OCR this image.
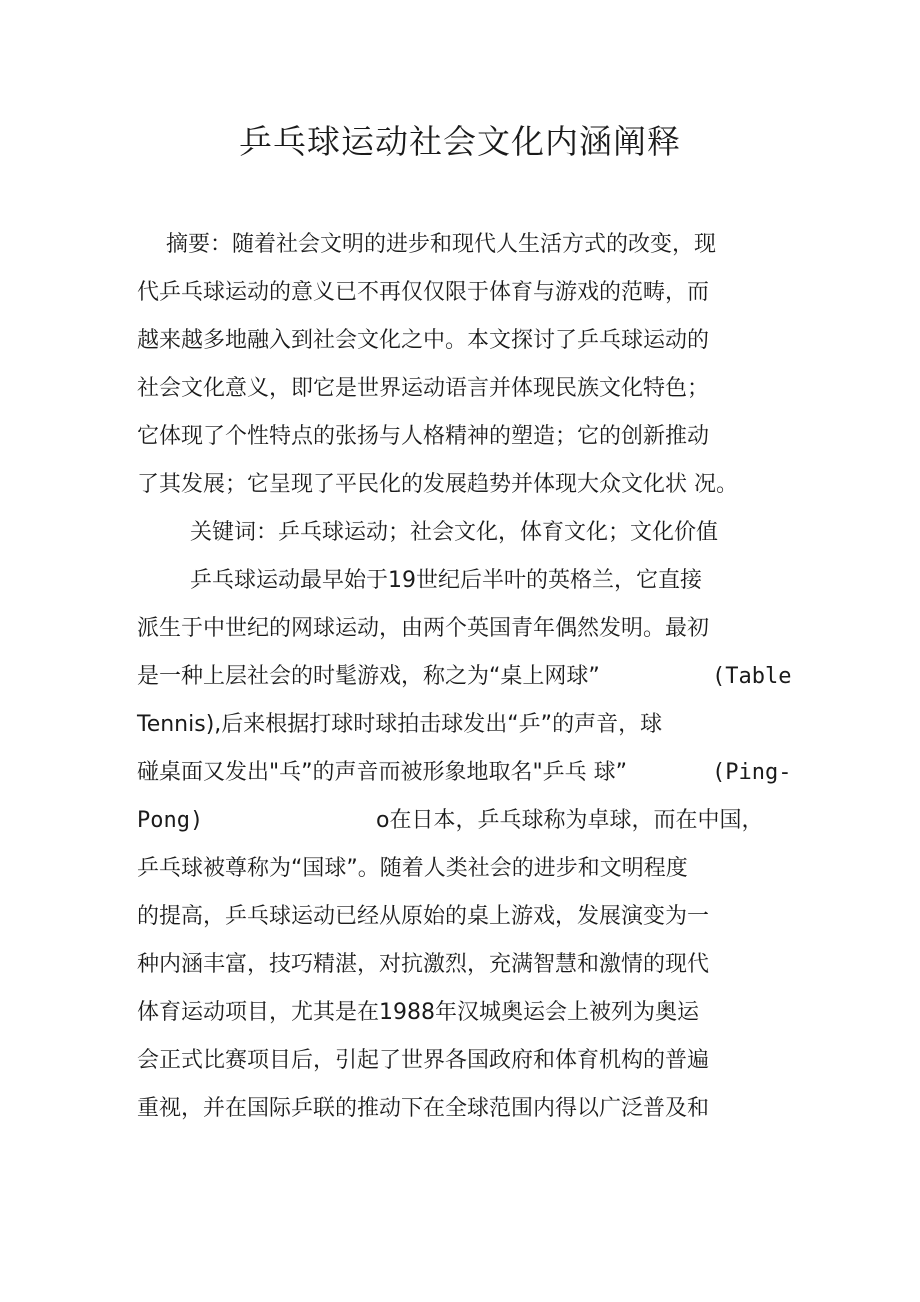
乒乓球运动社会文化内涵阐释
摘要：随着社会文明的进步和现代人生活方式的改变，现
代乒乓球运动的意义已不再仅仅限于体育与游戏的范畴，而
越来越多地融入到社会文化之中。本文探讨了乒乓球运动的
社会文化意义，即它是世界运动语言并体现民族文化特色；
它体现了个性特点的张扬与人格精神的塑造；它的创新推动
了其发展；它呈现了平民化的发展趋势并体现大众文化状 况。
关键词：乒乓球运动；社会文化，体育文化；文化价值
乒乓球运动最早始于19世纪后半叶的英格兰，它直接
派生于中世纪的网球运动，由两个英国青年偶然发明。最初
是一种上层社会的时髦游戏，称之为“桌上网球”	(Table
Tennis),后来根据打球时球拍击球发出“乒”的声音，球
碰桌面又发出"乓”的声音而被形象地取名"乒乓 球”	(Ping-
Pong)	o在日本，乒乓球称为卓球，而在中国，
乒乓球被尊称为“国球”。随着人类社会的进步和文明程度
的提高，乒乓球运动已经从原始的桌上游戏，发展演变为一
种内涵丰富，技巧精湛，对抗激烈，充满智慧和激情的现代
体育运动项目，尤其是在1988年汉城奥运会上被列为奥运
会正式比赛项目后，引起了世界各国政府和体育机构的普遍
重视，并在国际乒联的推动下在全球范围内得以广泛普及和
